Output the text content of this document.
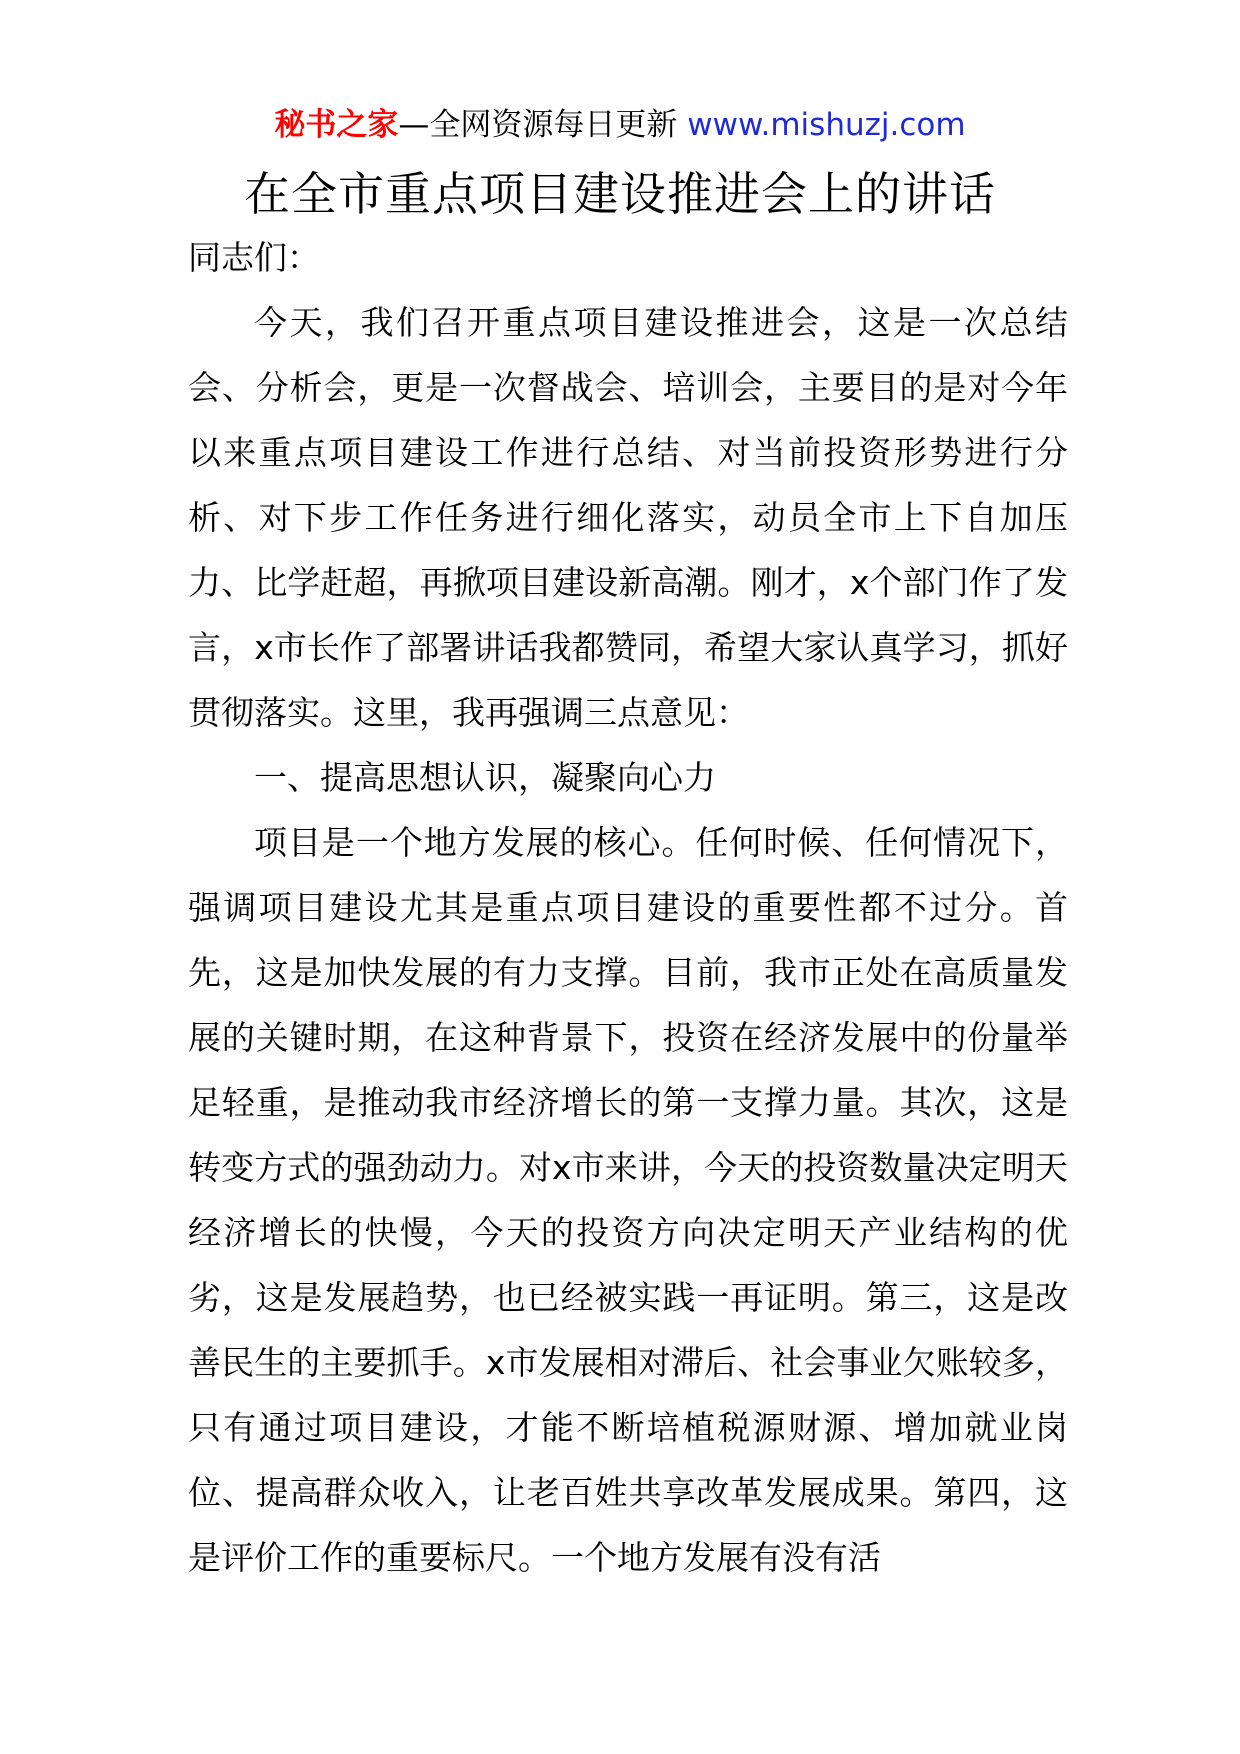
秘书之家—全网资源每日更新 www.mishuzj.com
在全市重点项目建设推进会上的讲话

同志们：

今天，我们召开重点项目建设推进会，这是一次总结会、分析会，更是一次督战会、培训会，主要目的是对今年以来重点项目建设工作进行总结、对当前投资形势进行分析、对下步工作任务进行细化落实，动员全市上下自加压力、比学赶超，再掀项目建设新高潮。刚才，x个部门作了发言，x市长作了部署讲话我都赞同，希望大家认真学习，抓好贯彻落实。这里，我再强调三点意见：

一、提高思想认识，凝聚向心力

项目是一个地方发展的核心。任何时候、任何情况下，强调项目建设尤其是重点项目建设的重要性都不过分。首先，这是加快发展的有力支撑。目前，我市正处在高质量发展的关键时期，在这种背景下，投资在经济发展中的份量举足轻重，是推动我市经济增长的第一支撑力量。其次，这是转变方式的强劲动力。对x市来讲，今天的投资数量决定明天经济增长的快慢，今天的投资方向决定明天产业结构的优劣，这是发展趋势，也已经被实践一再证明。第三，这是改善民生的主要抓手。x市发展相对滞后、社会事业欠账较多，只有通过项目建设，才能不断培植税源财源、增加就业岗位、提高群众收入，让老百姓共享改革发展成果。第四，这是评价工作的重要标尺。一个地方发展有没有活
